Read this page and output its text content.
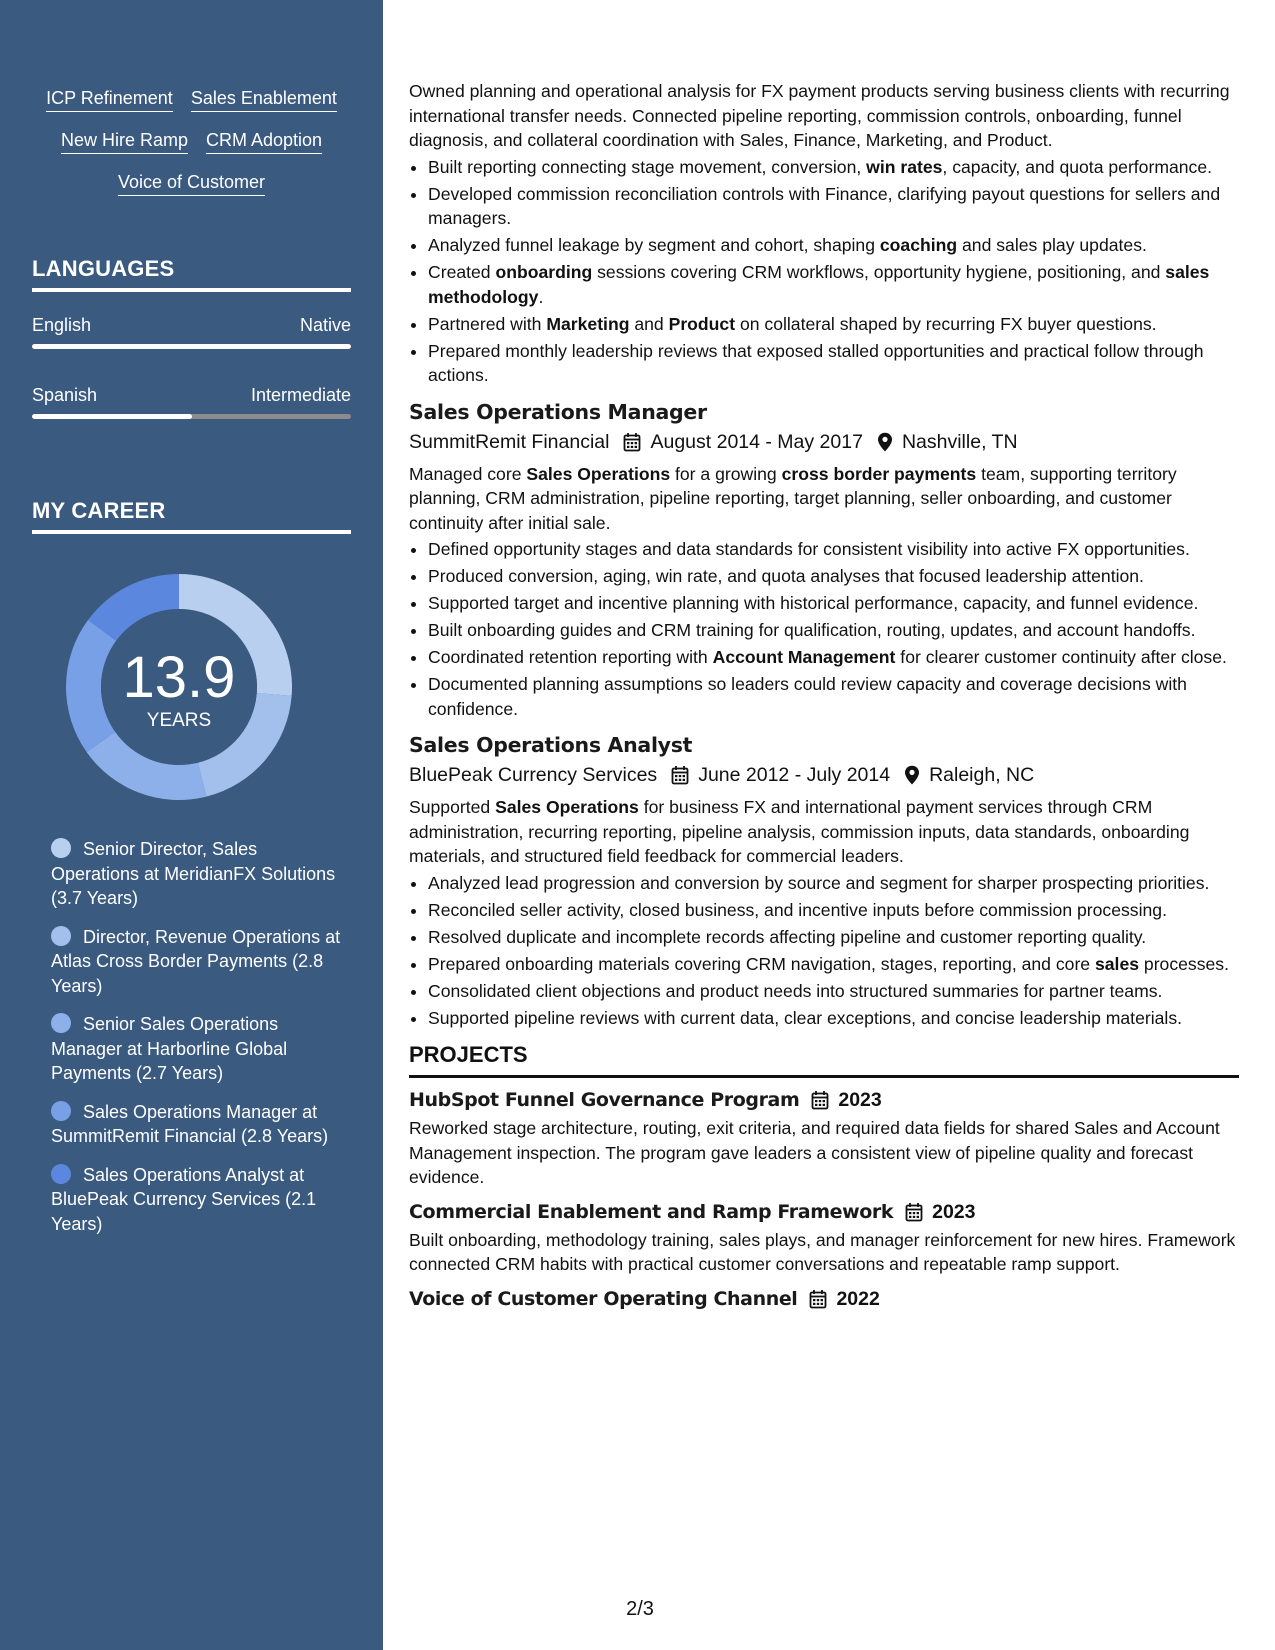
ICP Refinement Sales Enablement
New Hire Ramp CRM Adoption
Voice of Customer
LANGUAGES
English	Native
Spanish	Intermediate
MY CAREER
13.9
YEARS
Senior Director, Sales Operations at MeridianFX Solutions (3.7 Years)
Director, Revenue Operations at Atlas Cross Border Payments (2.8 Years)
Senior Sales Operations Manager at Harborline Global Payments (2.7 Years)
Sales Operations Manager at SummitRemit Financial (2.8 Years)
Sales Operations Analyst at BluePeak Currency Services (2.1 Years)

Owned planning and operational analysis for FX payment products serving business clients with recurring international transfer needs. Connected pipeline reporting, commission controls, onboarding, funnel diagnosis, and collateral coordination with Sales, Finance, Marketing, and Product.

• Built reporting connecting stage movement, conversion, win rates, capacity, and quota performance.
• Developed commission reconciliation controls with Finance, clarifying payout questions for sellers and managers.
• Analyzed funnel leakage by segment and cohort, shaping coaching and sales play updates.
• Created onboarding sessions covering CRM workflows, opportunity hygiene, positioning, and sales methodology.
• Partnered with Marketing and Product on collateral shaped by recurring FX buyer questions.
• Prepared monthly leadership reviews that exposed stalled opportunities and practical follow through actions.
Sales Operations Manager
SummitRemit Financial August 2014 - May 2017 Nashville, TN

Managed core Sales Operations for a growing cross border payments team, supporting territory planning, CRM administration, pipeline reporting, target planning, seller onboarding, and customer continuity after initial sale.

• Defined opportunity stages and data standards for consistent visibility into active FX opportunities.
• Produced conversion, aging, win rate, and quota analyses that focused leadership attention.
• Supported target and incentive planning with historical performance, capacity, and funnel evidence.
• Built onboarding guides and CRM training for qualification, routing, updates, and account handoffs.
• Coordinated retention reporting with Account Management for clearer customer continuity after close.
• Documented planning assumptions so leaders could review capacity and coverage decisions with confidence.
Sales Operations Analyst
BluePeak Currency Services June 2012 - July 2014 Raleigh, NC

Supported Sales Operations for business FX and international payment services through CRM administration, recurring reporting, pipeline analysis, commission inputs, data standards, onboarding materials, and structured field feedback for commercial leaders.

• Analyzed lead progression and conversion by source and segment for sharper prospecting priorities.
• Reconciled seller activity, closed business, and incentive inputs before commission processing.
• Resolved duplicate and incomplete records affecting pipeline and customer reporting quality.
• Prepared onboarding materials covering CRM navigation, stages, reporting, and core sales processes.
• Consolidated client objections and product needs into structured summaries for partner teams.
• Supported pipeline reviews with current data, clear exceptions, and concise leadership materials.
PROJECTS
HubSpot Funnel Governance Program 2023

Reworked stage architecture, routing, exit criteria, and required data fields for shared Sales and Account Management inspection. The program gave leaders a consistent view of pipeline quality and forecast evidence.

Commercial Enablement and Ramp Framework 2023

Built onboarding, methodology training, sales plays, and manager reinforcement for new hires. Framework connected CRM habits with practical customer conversations and repeatable ramp support.

Voice of Customer Operating Channel 2022
2/3
